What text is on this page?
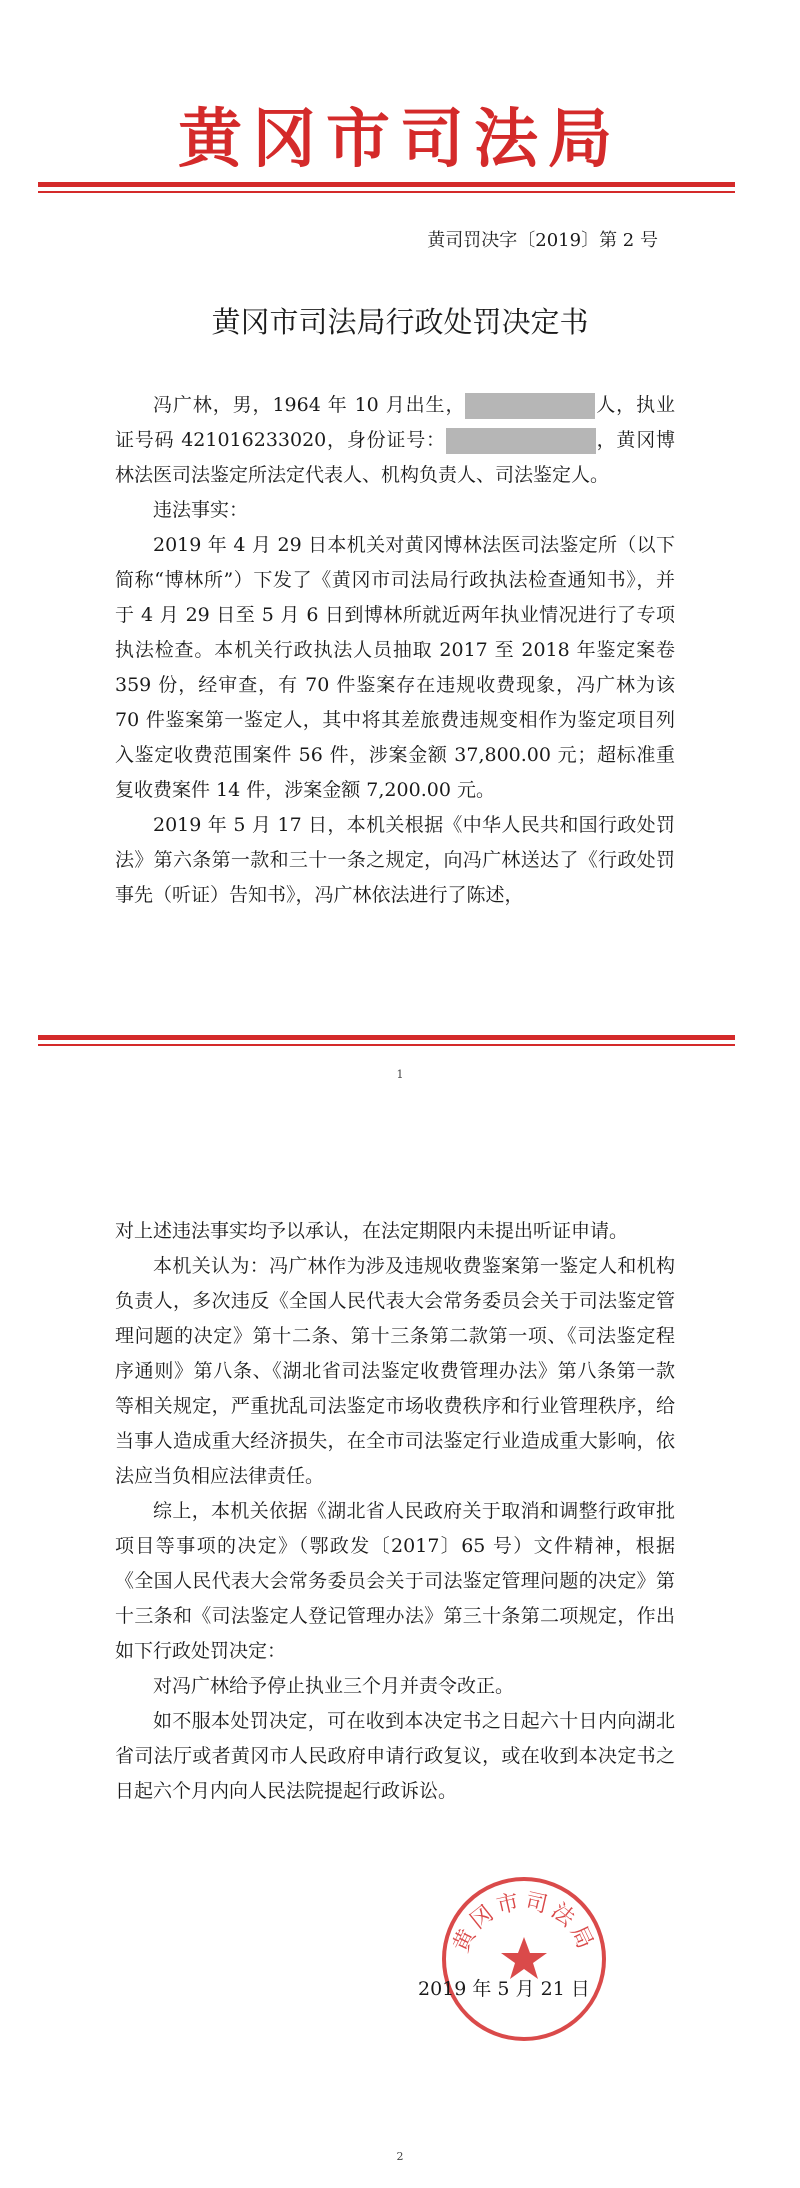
黄冈市司法局
黄司罚决字〔2019〕第 2 号
黄冈市司法局行政处罚决定书

冯广林，男，1964 年 10 月出生，	人，执业证号码 421016233020，身份证号：	，黄冈博林法医司法鉴定所法定代表人、机构负责人、司法鉴定人。

违法事实：

2019 年 4 月 29 日本机关对黄冈博林法医司法鉴定所（以下简称“博林所”）下发了《黄冈市司法局行政执法检查通知书》，并于 4 月 29 日至 5 月 6 日到博林所就近两年执业情况进行了专项执法检查。本机关行政执法人员抽取 2017 至 2018 年鉴定案卷 359 份，经审查，有 70 件鉴案存在违规收费现象，冯广林为该 70 件鉴案第一鉴定人，其中将其差旅费违规变相作为鉴定项目列入鉴定收费范围案件 56 件，涉案金额 37,800.00 元；超标准重复收费案件 14 件，涉案金额 7,200.00 元。

2019 年 5 月 17 日，本机关根据《中华人民共和国行政处罚法》第六条第一款和三十一条之规定，向冯广林送达了《行政处罚事先（听证）告知书》，冯广林依法进行了陈述，

1

对上述违法事实均予以承认，在法定期限内未提出听证申请。

本机关认为：冯广林作为涉及违规收费鉴案第一鉴定人和机构负责人，多次违反《全国人民代表大会常务委员会关于司法鉴定管理问题的决定》第十二条、第十三条第二款第一项、《司法鉴定程序通则》第八条、《湖北省司法鉴定收费管理办法》第八条第一款等相关规定，严重扰乱司法鉴定市场收费秩序和行业管理秩序，给当事人造成重大经济损失，在全市司法鉴定行业造成重大影响，依法应当负相应法律责任。

综上，本机关依据《湖北省人民政府关于取消和调整行政审批项目等事项的决定》（鄂政发〔2017〕65 号）文件精神，根据《全国人民代表大会常务委员会关于司法鉴定管理问题的决定》第十三条和《司法鉴定人登记管理办法》第三十条第二项规定，作出如下行政处罚决定：

对冯广林给予停止执业三个月并责令改正。

如不服本处罚决定，可在收到本决定书之日起六十日内向湖北省司法厅或者黄冈市人民政府申请行政复议，或在收到本决定书之日起六个月内向人民法院提起行政诉讼。

2
黄冈市司法局
2019 年 5 月 21 日
